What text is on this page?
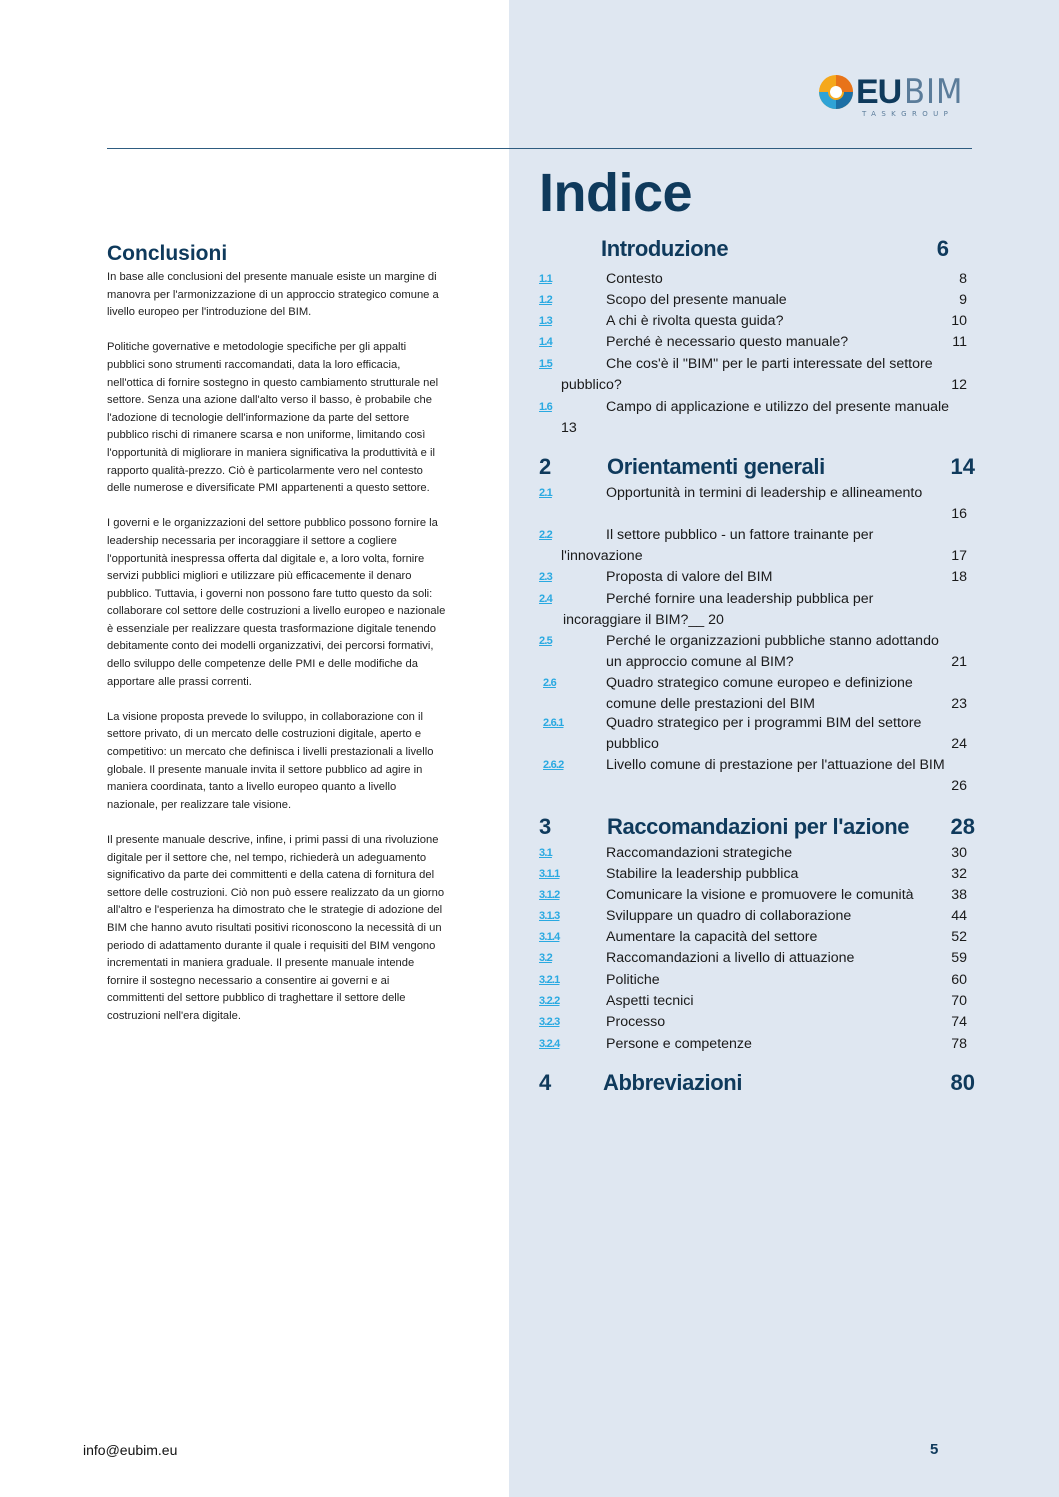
EU BIM
TASKGROUP
Conclusioni

In base alle conclusioni del presente manuale esiste un margine di manovra per l'armonizzazione di un approccio strategico comune a livello europeo per l'introduzione del BIM.

Politiche governative e metodologie specifiche per gli appalti pubblici sono strumenti raccomandati, data la loro efficacia, nell'ottica di fornire sostegno in questo cambiamento strutturale nel settore. Senza una azione dall'alto verso il basso, è probabile che l'adozione di tecnologie dell'informazione da parte del settore pubblico rischi di rimanere scarsa e non uniforme, limitando così l'opportunità di migliorare in maniera significativa la produttività e il rapporto qualità-prezzo. Ciò è particolarmente vero nel contesto delle numerose e diversificate PMI appartenenti a questo settore.

I governi e le organizzazioni del settore pubblico possono fornire la leadership necessaria per incoraggiare il settore a cogliere l'opportunità inespressa offerta dal digitale e, a loro volta, fornire servizi pubblici migliori e utilizzare più efficacemente il denaro pubblico. Tuttavia, i governi non possono fare tutto questo da soli: collaborare col settore delle costruzioni a livello europeo e nazionale è essenziale per realizzare questa trasformazione digitale tenendo debitamente conto dei modelli organizzativi, dei percorsi formativi, dello sviluppo delle competenze delle PMI e delle modifiche da apportare alle prassi correnti.

La visione proposta prevede lo sviluppo, in collaborazione con il settore privato, di un mercato delle costruzioni digitale, aperto e competitivo: un mercato che definisca i livelli prestazionali a livello globale. Il presente manuale invita il settore pubblico ad agire in maniera coordinata, tanto a livello europeo quanto a livello nazionale, per realizzare tale visione.

Il presente manuale descrive, infine, i primi passi di una rivoluzione digitale per il settore che, nel tempo, richiederà un adeguamento significativo da parte dei committenti e della catena di fornitura del settore delle costruzioni. Ciò non può essere realizzato da un giorno all'altro e l'esperienza ha dimostrato che le strategie di adozione del BIM che hanno avuto risultati positivi riconoscono la necessità di un periodo di adattamento durante il quale i requisiti del BIM vengono incrementati in maniera graduale. Il presente manuale intende fornire il sostegno necessario a consentire ai governi e ai committenti del settore pubblico di traghettare il settore delle costruzioni nell'era digitale.

Indice
Introduzione	6
1.1	Contesto	8
1.2	Scopo del presente manuale	9
1.3	A chi è rivolta questa guida?	10
1.4	Perché è necessario questo manuale?	11
1.5	Che cos'è il "BIM" per le parti interessate del settore
pubblico?	12
1.6	Campo di applicazione e utilizzo del presente manuale
13
2	Orientamenti generali	14
2.1	Opportunità in termini di leadership e allineamento
16
2.2	Il settore pubblico - un fattore trainante per
l'innovazione	17
2.3	Proposta di valore del BIM	18
2.4	Perché fornire una leadership pubblica per
incoraggiare il BIM?__ 20
2.5	Perché le organizzazioni pubbliche stanno adottando
un approccio comune al BIM?	21
2.6	Quadro strategico comune europeo e definizione
comune delle prestazioni del BIM	23
2.6.1	Quadro strategico per i programmi BIM del settore
pubblico	24
2.6.2	Livello comune di prestazione per l'attuazione del BIM
26
3	Raccomandazioni per l'azione 28
3.1	Raccomandazioni strategiche	30
3.1.1	Stabilire la leadership pubblica	32
3.1.2	Comunicare la visione e promuovere le comunità	38
3.1.3	Sviluppare un quadro di collaborazione	44
3.1.4	Aumentare la capacità del settore	52
3.2	Raccomandazioni a livello di attuazione	59
3.2.1	Politiche	60
3.2.2	Aspetti tecnici	70
3.2.3	Processo	74
3.2.4	Persone e competenze	78
4 Abbreviazioni	80
info@eubim.eu	5
